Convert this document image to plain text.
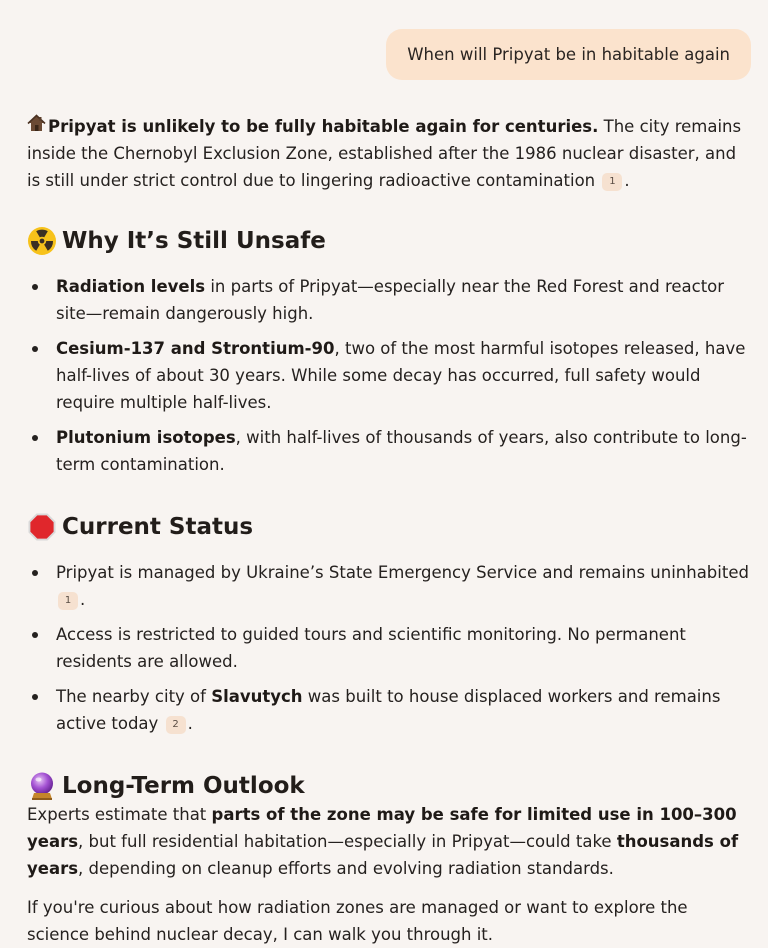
When will Pripyat be in habitable again

Pripyat is unlikely to be fully habitable again for centuries. The city remains inside the Chernobyl Exclusion Zone, established after the 1986 nuclear disaster, and is still under strict control due to lingering radioactive contamination 1 .

Why It’s Still Unsafe
Radiation levels in parts of Pripyat—especially near the Red Forest and reactor site—remain dangerously high.
Cesium-137 and Strontium-90, two of the most harmful isotopes released, have half-lives of about 30 years. While some decay has occurred, full safety would require multiple half-lives.
Plutonium isotopes, with half-lives of thousands of years, also contribute to long-term contamination.
Current Status
Pripyat is managed by Ukraine’s State Emergency Service and remains uninhabited 1 .
Access is restricted to guided tours and scientific monitoring. No permanent residents are allowed.
The nearby city of Slavutych was built to house displaced workers and remains active today 2 .
Long-Term Outlook

Experts estimate that parts of the zone may be safe for limited use in 100–300 years, but full residential habitation—especially in Pripyat—could take thousands of years, depending on cleanup efforts and evolving radiation standards.

If you're curious about how radiation zones are managed or want to explore the science behind nuclear decay, I can walk you through it.
